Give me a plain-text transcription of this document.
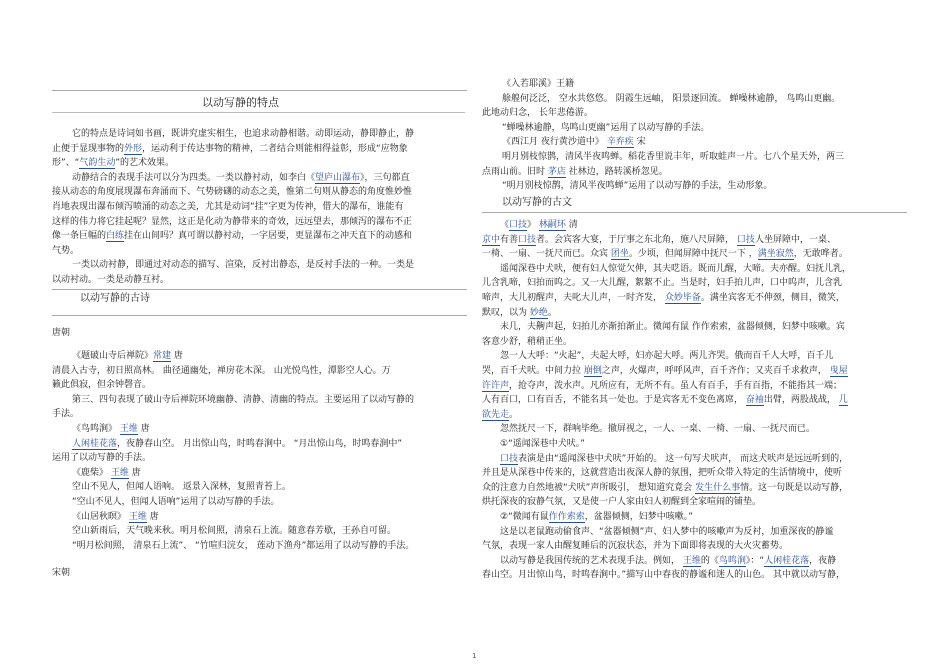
以动写静的特点

它的特点是诗词如书画，既讲究虚实相生，也追求动静相谐。动即运动，静即静止，静

止便于显现事物的外形，运动利于传达事物的精神，二者结合则能相得益彰，形成“应物象

形”、“气韵生动”的艺术效果。

动静结合的表现手法可以分为四类。一类以静衬动，如李白《望庐山瀑布》，三句都直

接从动态的角度展现瀑布奔涌而下、气势磅礴的动态之美，惟第二句则从静态的角度惟妙惟

肖地表现出瀑布倾泻喷涌的动态之美，尤其是动词“挂”字更为传神，借大的瀑布，谁能有

这样的伟力将它挂起呢？显然，这正是化动为静带来的奇效，远远望去，那倾泻的瀑布不正

像一条巨幅的白练挂在山间吗？真可谓以静衬动，一字居要，更显瀑布之冲天直下的动感和

气势。

一类以动衬静，即通过对动态的描写、渲染，反衬出静态，是反衬手法的一种。一类是

以动衬动。一类是动静互衬。

以动写静的古诗

唐朝

《题破山寺后禅院》常建 唐

清晨入古寺，初日照高林。 曲径通幽处，禅房花木深。 山光悦鸟性，潭影空人心。万

籁此俱寂，但余钟磬音。

第三、四句表现了破山寺后禅院环境幽静、清静、清幽的特点。主要运用了以动写静的

手法。

《鸟鸣涧》 王维 唐

人闲桂花落，夜静春山空。 月出惊山鸟，时鸣春涧中。 “月出惊山鸟，时鸣春涧中”

运用了以动写静的手法。

《鹿柴》 王维 唐

空山不见人，但闻人语响。 返景入深林，复照青苔上。

“空山不见人，但闻人语响”运用了以动写静的手法。

《山居秋暝》 王维 唐

空山新雨后，天气晚来秋。明月松间照，清泉石上流。随意春芳歇，王孙自可留。

“明月松间照， 清泉石上流”、 “竹喧归浣女， 莲动下渔舟”都运用了以动写静的手法。

宋朝

《入若耶溪》王籍

艅艎何泛泛， 空水共悠悠。 阴霞生远岫， 阳景逐回流。 蝉噪林逾静， 鸟鸣山更幽。

此地动归念， 长年悲倦游。

“蝉噪林逾静，鸟鸣山更幽”运用了以动写静的手法。

《西江月 夜行黄沙道中》 辛弃疾 宋

明月别枝惊鹊，清风半夜鸣蝉。稻花香里说丰年，听取蛙声一片。七八个星天外，两三

点雨山前。旧时 茅店 社林边，路转溪桥忽见。

“明月别枝惊鹊，清风半夜鸣蝉”运用了以动写静的手法，生动形象。

以动写静的古文

《口技》 林嗣环 清

京中有善口技者。会宾客大宴，于厅事之东北角，施八尺屏障， 口技人坐屏障中，一桌、

一椅、一扇、一抚尺而已。众宾 团坐。少顷，但闻屏障中抚尺一下 ，满坐寂然，无敢哗者。

遥闻深巷中犬吠，便有妇人惊觉欠伸，其夫呓语。既而儿醒，大啼。夫亦醒。妇抚儿乳，

儿含乳啼，妇拍而呜之。又一大儿醒，絮絮不止。当是时，妇手拍儿声，口中呜声，儿含乳

啼声，大儿初醒声，夫叱大儿声，一时齐发， 众妙毕备。满坐宾客无不伸颈，侧目，微笑，

默叹，以为 妙绝。

未几，夫齁声起，妇拍儿亦渐拍渐止。微闻有鼠 作作索索，盆器倾侧，妇梦中咳嗽。宾

客意少舒，稍稍正坐。

忽一人大呼：“火起”，夫起大呼，妇亦起大呼。两儿齐哭。俄而百千人大呼，百千儿

哭，百千犬吠。中间力拉 崩倒之声，火爆声，呼呼风声，百千齐作；又夹百千求救声， 曳屋

许许声，抢夺声，泼水声。凡所应有，无所不有。虽人有百手，手有百指，不能指其一端；

人有百口，口有百舌，不能名其一处也。于是宾客无不变色离席， 奋袖出臂，两股战战， 几

欲先走。

忽然抚尺一下，群响毕绝。撤屏视之，一人、一桌、一椅、一扇、一抚尺而已。

①“遥闻深巷中犬吠。”

口技表演是由“遥闻深巷中犬吠”开始的。 这一句写犬吠声， 而这犬吠声是远远听到的，

并且是从深巷中传来的，这就营造出夜深人静的氛围，把听众带入特定的生活情境中，使听

众的注意力自然地被“犬吠”声所吸引， 想知道究竟会 发生什么事情。这一句既是以动写静，

烘托深夜的寂静气氛，又是使一户人家由妇人初醒到全家喧闹的铺垫。

②“微闻有鼠作作索索，盆器倾侧，妇梦中咳嗽。”

这是以老鼠跑动偷食声、“盆器倾侧”声、妇人梦中的咳嗽声为反衬，加重深夜的静谧

气氛，表现一家人由醒复睡后的沉寂状态，并为下面即将表现的大火灾蓄势。

以动写静是我国传统的艺术表现手法。例如， 王维的《鸟鸣涧》：“人闲桂花落，夜静

春山空。月出惊山鸟，时鸣春涧中。”描写山中春夜的静谧和迷人的山色。 其中就以动写静，

1
